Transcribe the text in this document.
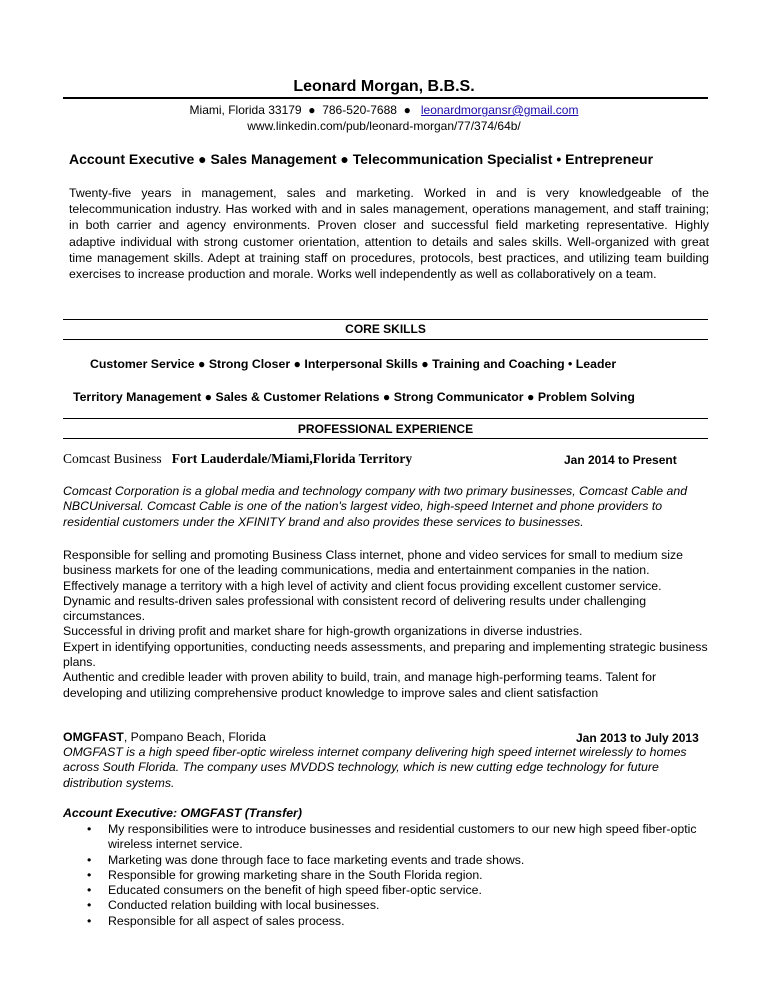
Leonard Morgan, B.B.S.
Miami, Florida 33179  ●  786-520-7688  ●   leonardmorgansr@gmail.com
www.linkedin.com/pub/leonard-morgan/77/374/64b/
Account Executive ● Sales Management ● Telecommunication Specialist • Entrepreneur
Twenty-five years in management, sales and marketing. Worked in and is very knowledgeable of the telecommunication industry. Has worked with and in sales management, operations management, and staff training; in both carrier and agency environments. Proven closer and successful field marketing representative. Highly adaptive individual with strong customer orientation, attention to details and sales skills. Well-organized with great time management skills. Adept at training staff on procedures, protocols, best practices, and utilizing team building exercises to increase production and morale. Works well independently as well as collaboratively on a team.
CORE SKILLS
Customer Service ● Strong Closer ● Interpersonal Skills ● Training and Coaching • Leader
Territory Management ● Sales & Customer Relations ● Strong Communicator ● Problem Solving
PROFESSIONAL EXPERIENCE
Comcast Business Fort Lauderdale/Miami,Florida Territory	Jan 2014 to Present
Comcast Corporation is a global media and technology company with two primary businesses, Comcast Cable and NBCUniversal. Comcast Cable is one of the nation's largest video, high-speed Internet and phone providers to residential customers under the XFINITY brand and also provides these services to businesses.
Responsible for selling and promoting Business Class internet, phone and video services for small to medium size business markets for one of the leading communications, media and entertainment companies in the nation.
Effectively manage a territory with a high level of activity and client focus providing excellent customer service.
Dynamic and results-driven sales professional with consistent record of delivering results under challenging circumstances.
Successful in driving profit and market share for high-growth organizations in diverse industries.
Expert in identifying opportunities, conducting needs assessments, and preparing and implementing strategic business plans.
Authentic and credible leader with proven ability to build, train, and manage high-performing teams. Talent for developing and utilizing comprehensive product knowledge to improve sales and client satisfaction
OMGFAST, Pompano Beach, Florida	Jan 2013 to July 2013
OMGFAST is a high speed fiber-optic wireless internet company delivering high speed internet wirelessly to homes across South Florida. The company uses MVDDS technology, which is new cutting edge technology for future distribution systems.
Account Executive: OMGFAST (Transfer)
• My responsibilities were to introduce businesses and residential customers to our new high speed fiber-optic wireless internet service.
• Marketing was done through face to face marketing events and trade shows.
• Responsible for growing marketing share in the South Florida region.
• Educated consumers on the benefit of high speed fiber-optic service.
• Conducted relation building with local businesses.
• Responsible for all aspect of sales process.
